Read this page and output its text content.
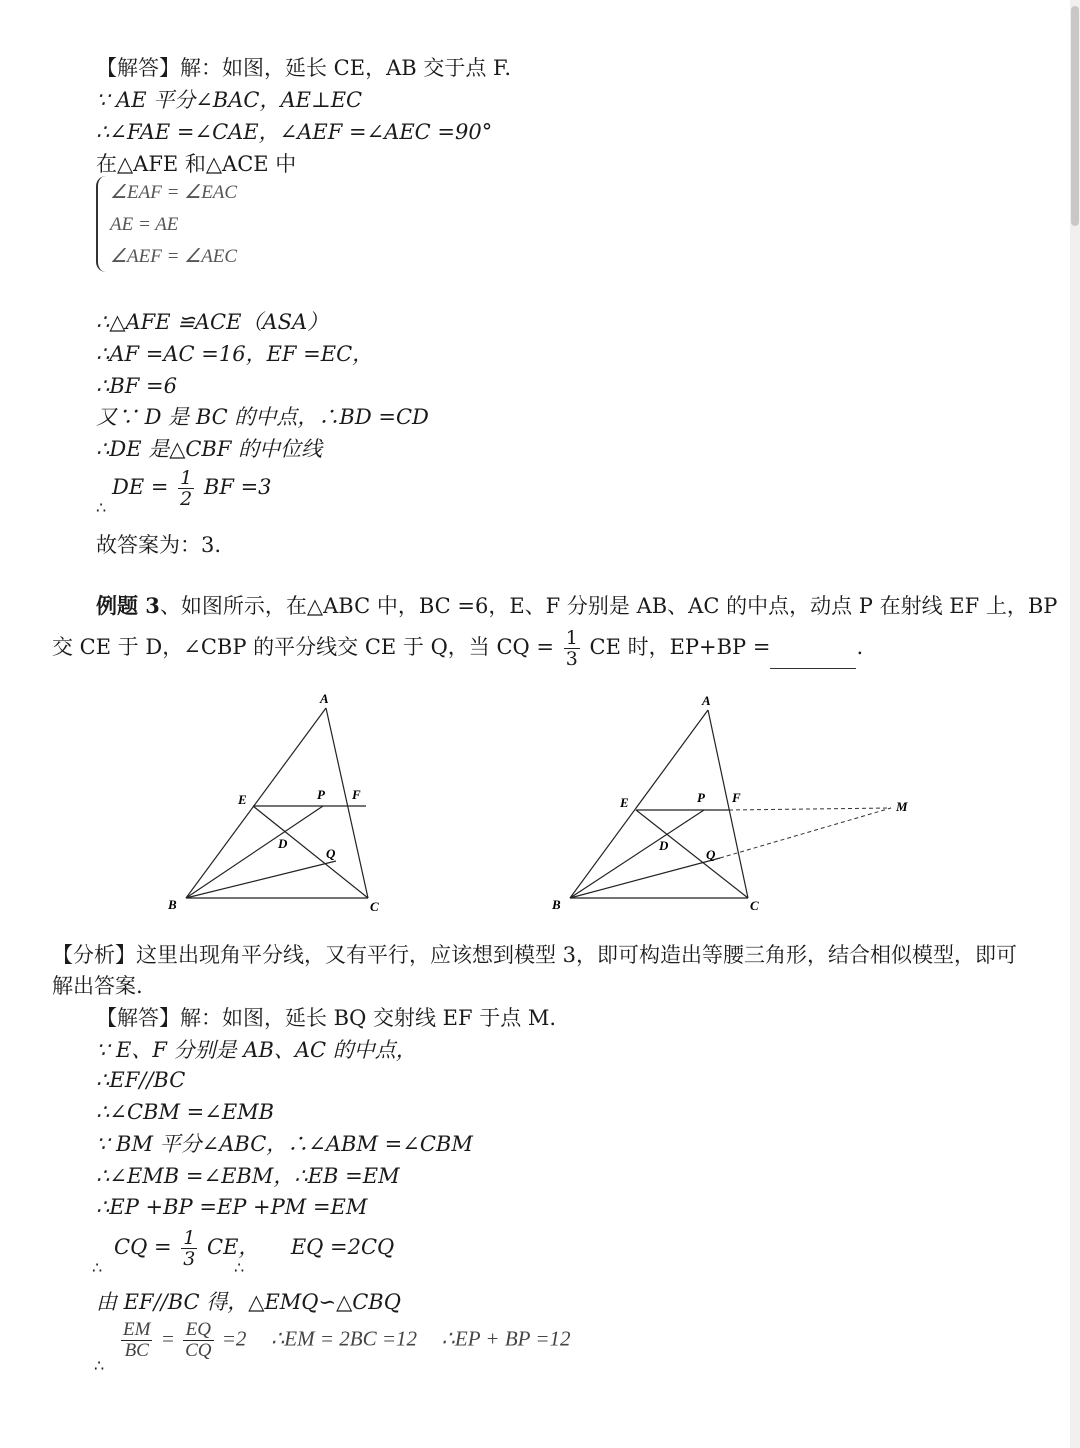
【解答】解：如图，延长 CE，AB 交于点 F.
∵ AE 平分∠BAC，AE⊥EC
∴∠FAE =∠CAE，∠AEF =∠AEC =90°
在△AFE 和△ACE 中
∠EAF = ∠EAC
AE = AE
∠AEF = ∠AEC
∴△AFE ≌ACE（ASA）
∴AF =AC =16，EF =EC，
∴BF =6
又∵ D 是 BC 的中点，∴BD =CD
∴DE 是△CBF 的中位线
DE = $\frac{1}{2}$ BF =3
∴
故答案为：3.
例题 3、如图所示，在△ABC 中，BC =6，E、F 分别是 AB、AC 的中点，动点 P 在射线 EF 上，BP
交 CE 于 D，∠CBP 的平分线交 CE 于 Q，当 CQ = $\frac{1}{3}$ CE 时，EP+BP =	.
A
B	C
E	F
P
D
Q
A
B	C
E	F
P
D
Q
M
【分析】这里出现角平分线，又有平行，应该想到模型 3，即可构造出等腰三角形，结合相似模型，即可
解出答案.
【解答】解：如图，延长 BQ 交射线 EF 于点 M.
∵ E、F 分别是 AB、AC 的中点，
∴EF//BC
∴∠CBM =∠EMB
∵ BM 平分∠ABC，∴∠ABM =∠CBM
∴∠EMB =∠EBM，∴EB =EM
∴EP +BP =EP +PM =EM
CQ = $\frac{1}{3}$ CE， EQ =2CQ
∴	∴
由 EF//BC 得，△EMQ∽△CBQ
$\frac{EM}{BC} = \frac{EQ}{CQ} =2$ ∴EM = 2BC =12 ∴EP + BP =12
∴
